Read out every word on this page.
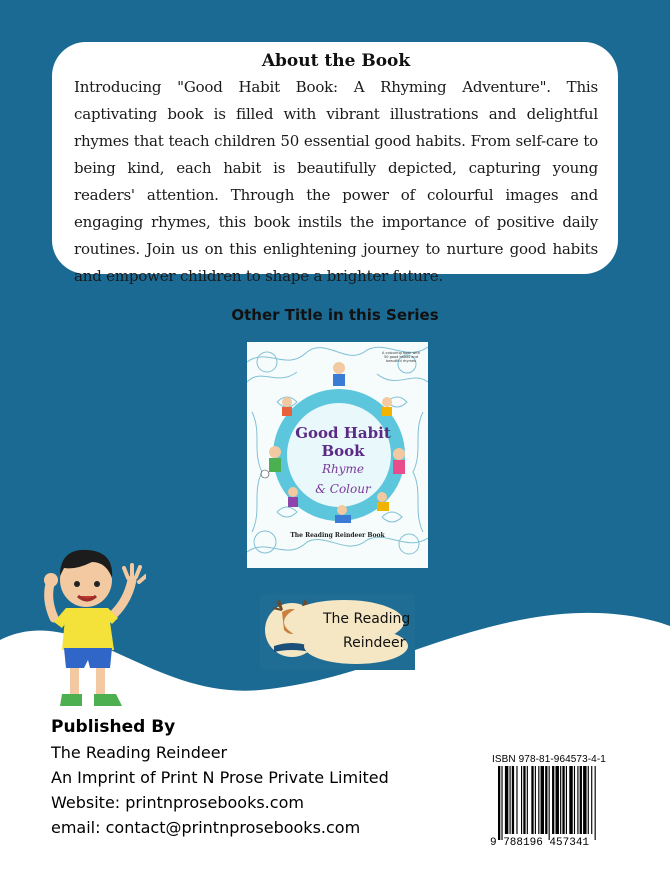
About the Book

Introducing "Good Habit Book: A Rhyming Adventure". This captivating book is filled with vibrant illustrations and delightful rhymes that teach children 50 essential good habits. From self-care to being kind, each habit is beautifully depicted, capturing young readers' attention. Through the power of colourful images and engaging rhymes, this book instils the importance of positive daily routines. Join us on this enlightening journey to nurture good habits and empower children to shape a brighter future.

Other Title in this Series
A colouring book with 50 good habits and beautiful rhymes
Good Habit
Book
Rhyme
& Colour
The Reading Reindeer Book
The Reading
Reindeer
Published By
The Reading Reindeer
An Imprint of Print N Prose Private Limited
Website: printnprosebooks.com
email: contact@printnprosebooks.com
ISBN 978-81-964573-4-1
9 788196 457341
